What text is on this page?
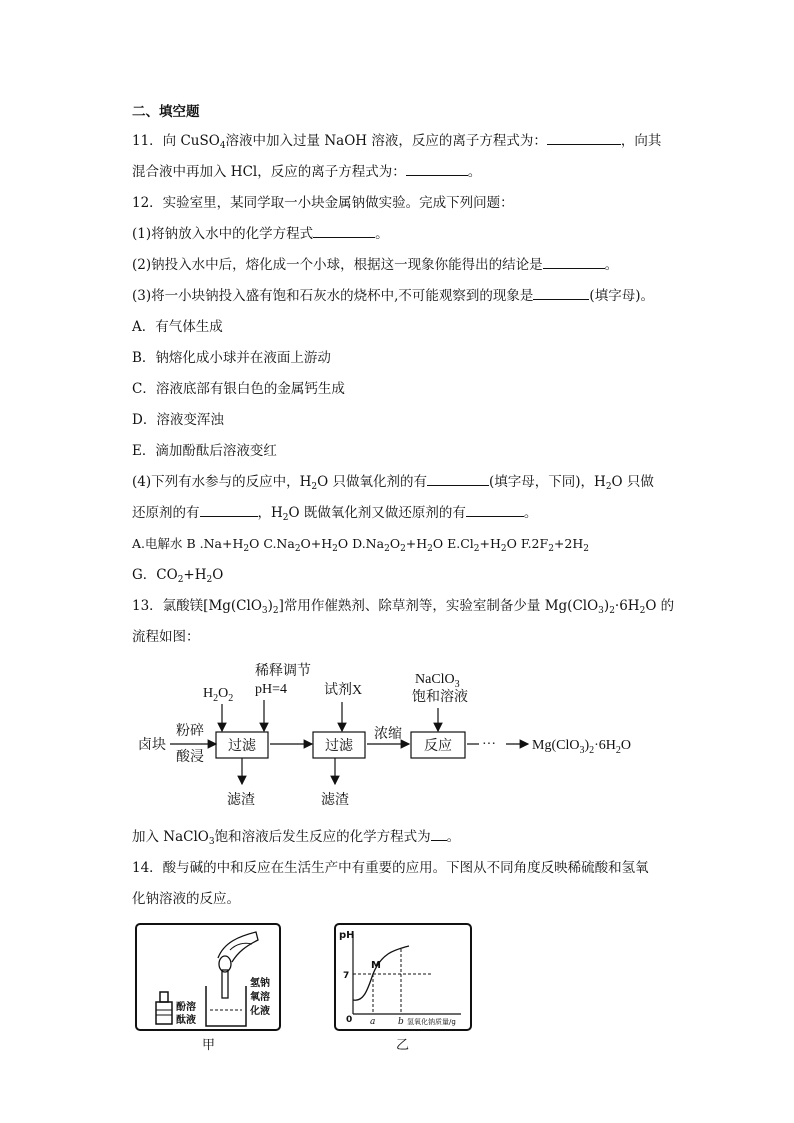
二、填空题
11．向 CuSO$_4$溶液中加入过量 NaOH 溶液，反应的离子方程式为：	，向其
混合液中再加入 HCl，反应的离子方程式为：	。
12．实验室里，某同学取一小块金属钠做实验。完成下列问题：
(1)将钠放入水中的化学方程式	。
(2)钠投入水中后，熔化成一个小球，根据这一现象你能得出的结论是	。
(3)将一小块钠投入盛有饱和石灰水的烧杯中,不可能观察到的现象是	(填字母)。
A．有气体生成
B．钠熔化成小球并在液面上游动
C．溶液底部有银白色的金属钙生成
D．溶液变浑浊
E．滴加酚酞后溶液变红
(4)下列有水参与的反应中，$H_2O$ 只做氧化剂的有	(填字母，下同)，$H_2O$ 只做
还原剂的有	，$H_2O$ 既做氧化剂又做还原剂的有	。
A.电解水 B $.Na+H_2O$ $C.Na_2O+H_2O$ $D.Na_2O_2+H_2O$ $E.Cl_2+H_2O$ $F.2F_2+2H_2$
G．$CO_2+H_2O$
13．氯酸镁$[Mg(ClO_3)_2]$常用作催熟剂、除草剂等，实验室制备少量 $Mg(ClO_3)_2\cdot 6H_2O$ 的
流程如图：
卤块
粉碎
酸浸
过滤
$H_2O_2$
稀释调节
pH=4
滤渣
过滤
试剂X
滤渣
浓缩
反应
NaClO$_3$
饱和溶液
···	$Mg(ClO_3)_2\cdot 6H_2O$
加入 NaClO$_3$饱和溶液后发生反应的化学方程式为 。
14．酸与碱的中和反应在生活生产中有重要的应用。下图从不同角度反映稀硫酸和氢氧
化钠溶液的反应。
酚溶
酞液
氢钠
氧溶
化液
甲
pH
7
0
M
a	b 氢氧化钠质量/g
乙
